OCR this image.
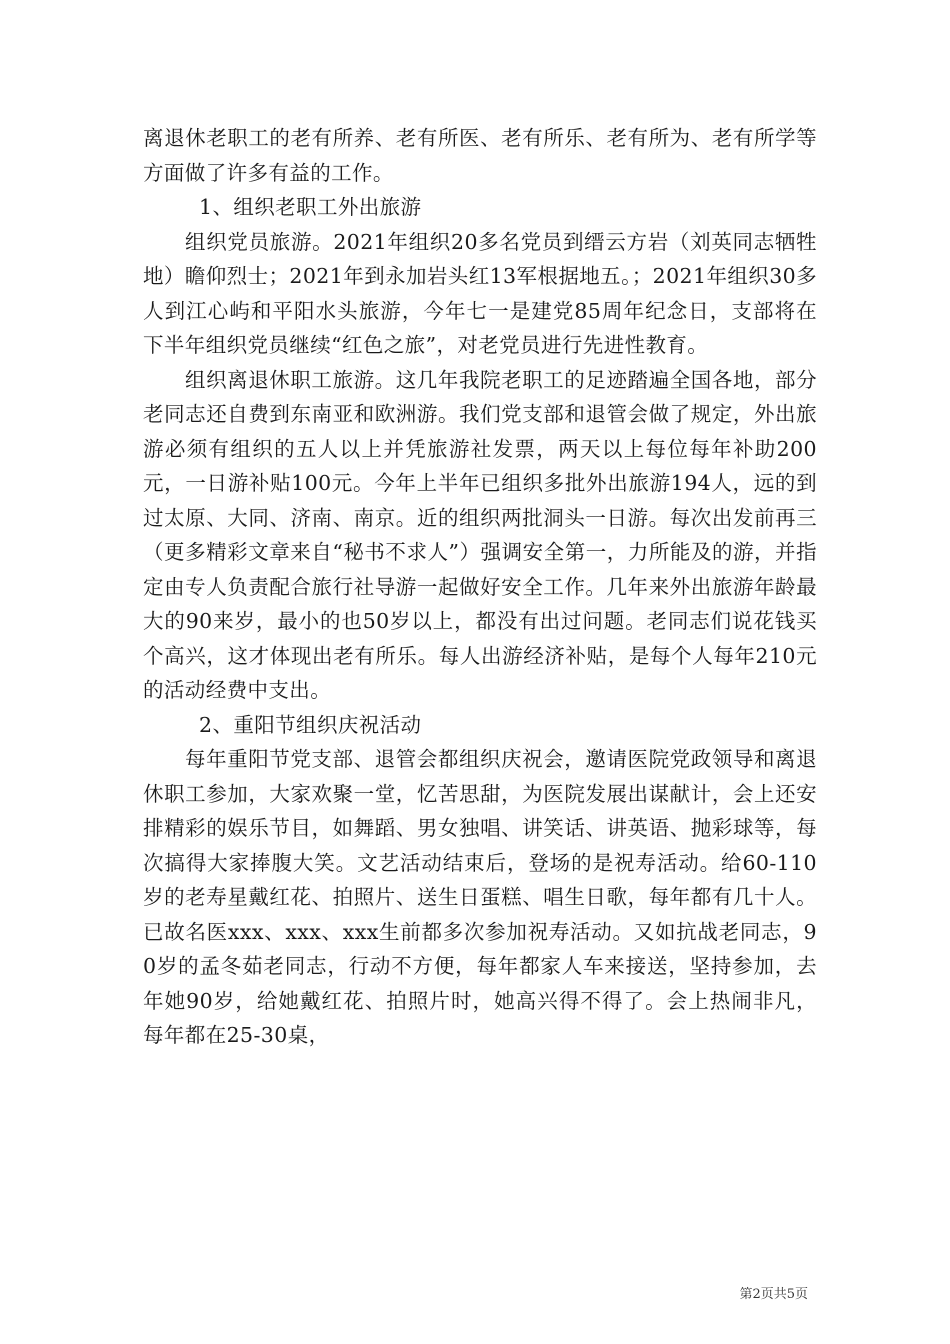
离退休老职工的老有所养、老有所医、老有所乐、老有所为、老有所学等方面做了许多有益的工作。

1、组织老职工外出旅游

组织党员旅游。2021年组织20多名党员到缙云方岩（刘英同志牺牲地）瞻仰烈士；2021年到永加岩头红13军根据地五。；2021年组织30多人到江心屿和平阳水头旅游，今年七一是建党85周年纪念日，支部将在下半年组织党员继续“红色之旅”，对老党员进行先进性教育。

组织离退休职工旅游。这几年我院老职工的足迹踏遍全国各地，部分老同志还自费到东南亚和欧洲游。我们党支部和退管会做了规定，外出旅游必须有组织的五人以上并凭旅游社发票，两天以上每位每年补助200元，一日游补贴100元。今年上半年已组织多批外出旅游194人，远的到过太原、大同、济南、南京。近的组织两批洞头一日游。每次出发前再三（更多精彩文章来自“秘书不求人”）强调安全第一，力所能及的游，并指定由专人负责配合旅行社导游一起做好安全工作。几年来外出旅游年龄最大的90来岁，最小的也50岁以上，都没有出过问题。老同志们说花钱买个高兴，这才体现出老有所乐。每人出游经济补贴，是每个人每年210元的活动经费中支出。

2、重阳节组织庆祝活动

每年重阳节党支部、退管会都组织庆祝会，邀请医院党政领导和离退休职工参加，大家欢聚一堂，忆苦思甜，为医院发展出谋献计，会上还安排精彩的娱乐节目，如舞蹈、男女独唱、讲笑话、讲英语、抛彩球等，每次搞得大家捧腹大笑。文艺活动结束后，登场的是祝寿活动。给60-110岁的老寿星戴红花、拍照片、送生日蛋糕、唱生日歌，每年都有几十人。已故名医xxx、xxx、xxx生前都多次参加祝寿活动。又如抗战老同志，90岁的孟冬茹老同志，行动不方便，每年都家人车来接送，坚持参加，去年她90岁，给她戴红花、拍照片时，她高兴得不得了。会上热闹非凡，每年都在25-30桌，

第2页共5页
